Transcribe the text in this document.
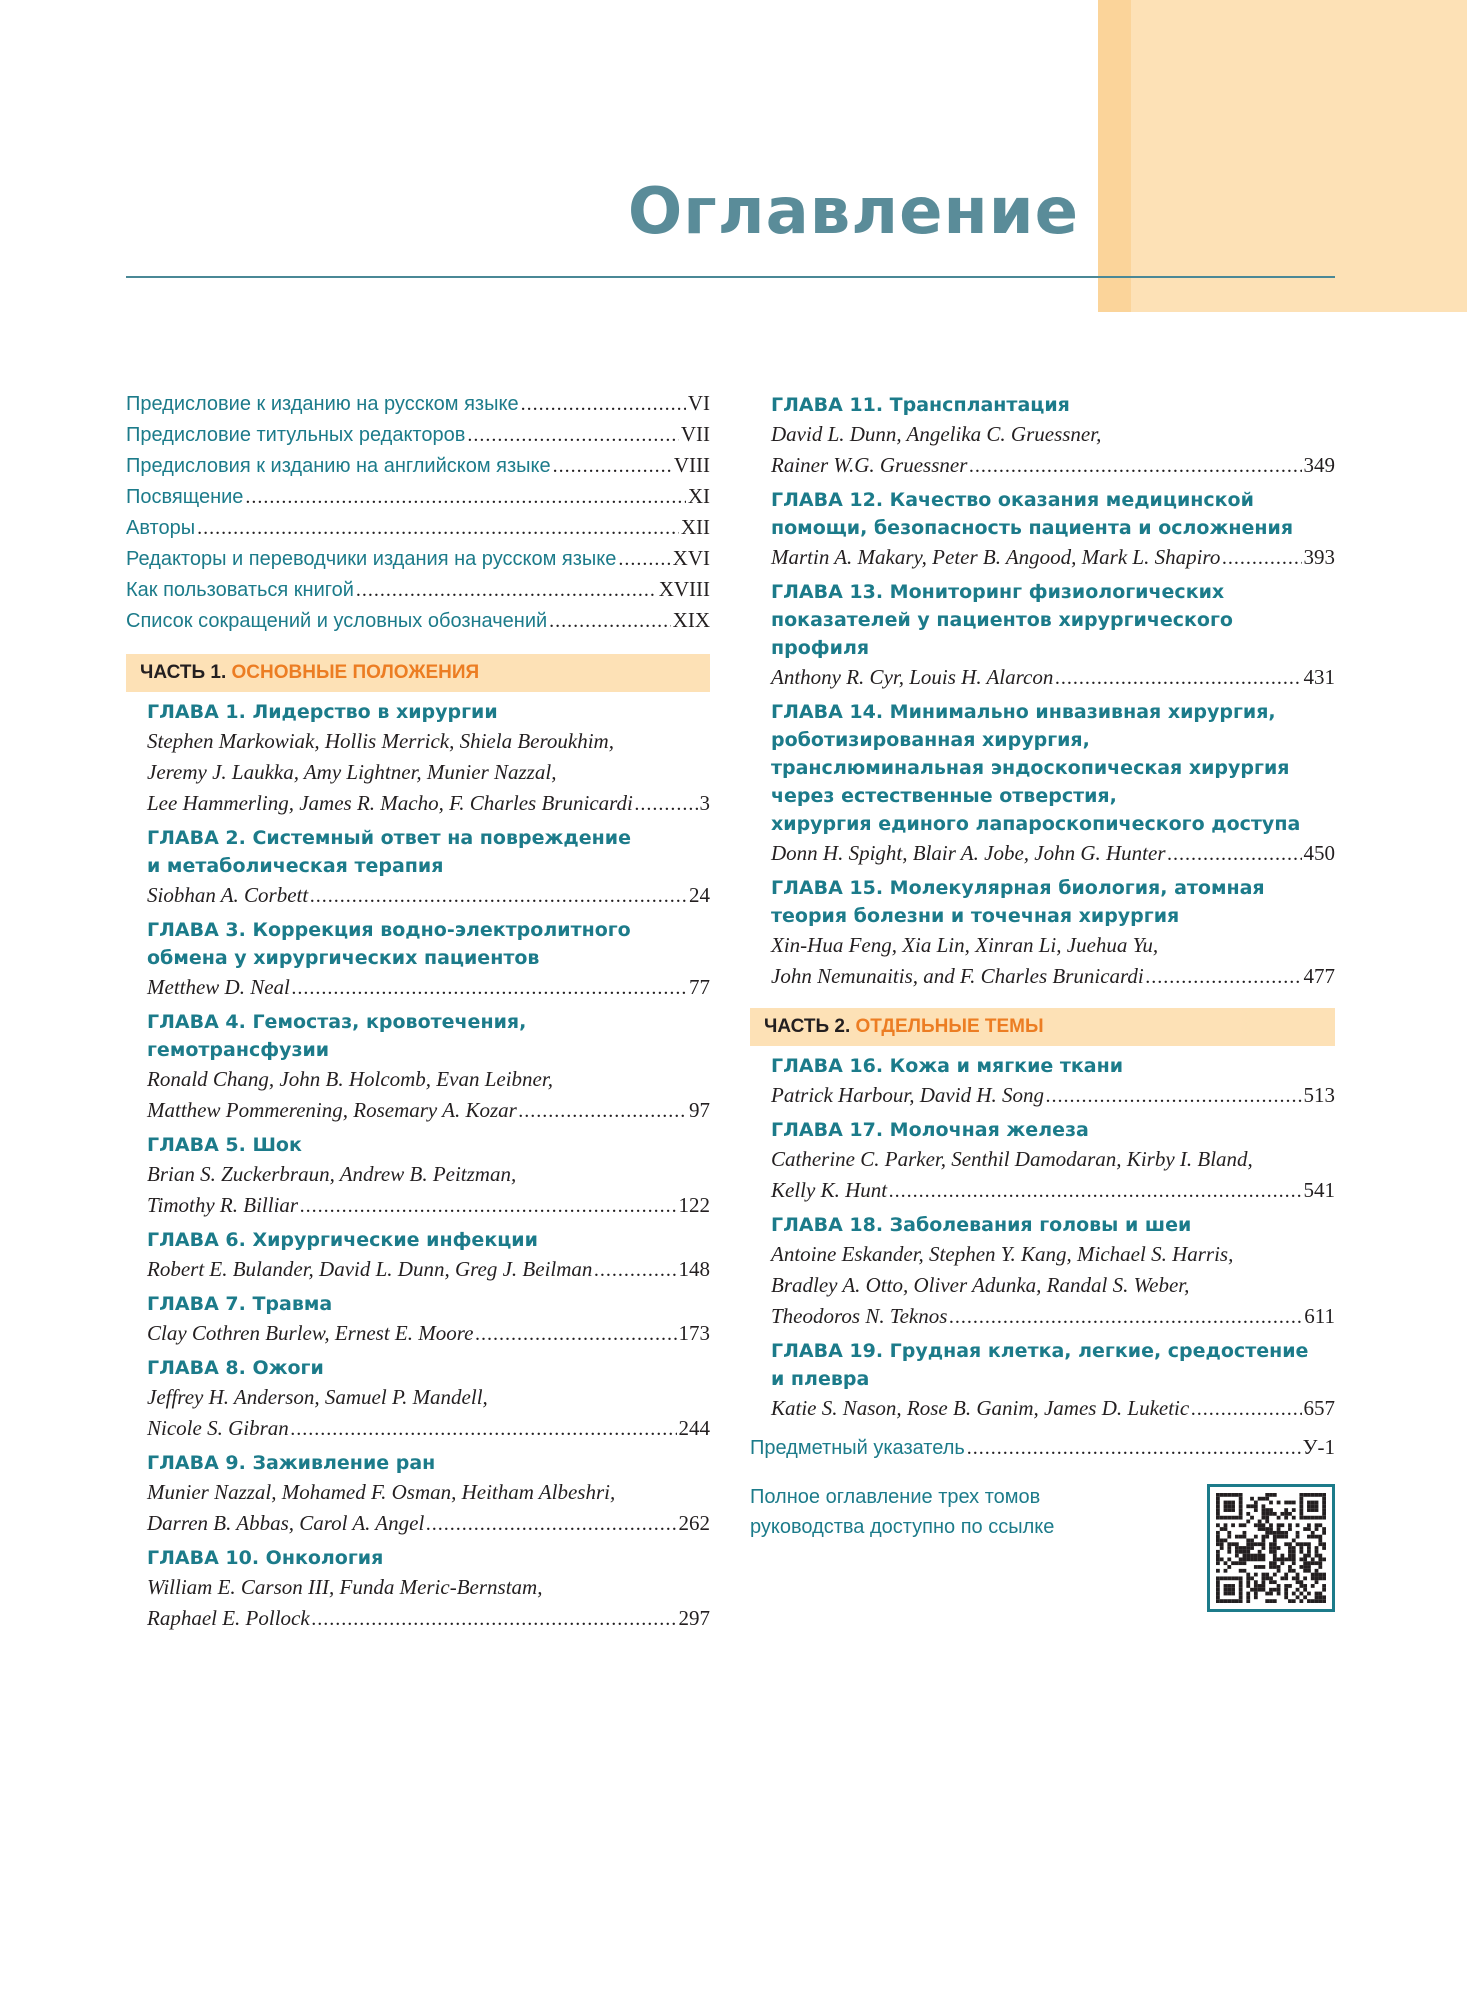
Оглавление
Предисловие к изданию на русском языке .....	VI
Предисловие титульных редакторов .....	VII
Предисловия к изданию на английском языке .....	VIII
Посвящение .....	XI
Авторы .....	XII
Редакторы и переводчики издания на русском языке .....	XVI
Как пользоваться книгой .....	XVIII
Список сокращений и условных обозначений .....	XIX
ЧАСТЬ 1. ОСНОВНЫЕ ПОЛОЖЕНИЯ
ГЛАВА 1. Лидерство в хирургии
Stephen Markowiak, Hollis Merrick, Shiela Beroukhim,
Jeremy J. Laukka, Amy Lightner, Munier Nazzal,
Lee Hammerling, James R. Macho, F. Charles Brunicardi .....	3
ГЛАВА 2. Системный ответ на повреждение
и метаболическая терапия
Siobhan A. Corbett .....	24
ГЛАВА 3. Коррекция водно-электролитного
обмена у хирургических пациентов
Metthew D. Neal .....	77
ГЛАВА 4. Гемостаз, кровотечения,
гемотрансфузии
Ronald Chang, John B. Holcomb, Evan Leibner,
Matthew Pommerening, Rosemary A. Kozar .....	97
ГЛАВА 5. Шок
Brian S. Zuckerbraun, Andrew B. Peitzman,
Timothy R. Billiar .....	122
ГЛАВА 6. Хирургические инфекции
Robert E. Bulander, David L. Dunn, Greg J. Beilman .....	148
ГЛАВА 7. Травма
Clay Cothren Burlew, Ernest E. Moore .....	173
ГЛАВА 8. Ожоги
Jeffrey H. Anderson, Samuel P. Mandell,
Nicole S. Gibran .....	244
ГЛАВА 9. Заживление ран
Munier Nazzal, Mohamed F. Osman, Heitham Albeshri,
Darren B. Abbas, Carol A. Angel .....	262
ГЛАВА 10. Онкология
William E. Carson III, Funda Meric-Bernstam,
Raphael E. Pollock .....	297
ГЛАВА 11. Трансплантация
David L. Dunn, Angelika C. Gruessner,
Rainer W.G. Gruessner .....	349
ГЛАВА 12. Качество оказания медицинской
помощи, безопасность пациента и осложнения
Martin A. Makary, Peter B. Angood, Mark L. Shapiro .....	393
ГЛАВА 13. Мониторинг физиологических
показателей у пациентов хирургического
профиля
Anthony R. Cyr, Louis H. Alarcon .....	431
ГЛАВА 14. Минимально инвазивная хирургия,
роботизированная хирургия,
транслюминальная эндоскопическая хирургия
через естественные отверстия,
хирургия единого лапароскопического доступа
Donn H. Spight, Blair A. Jobe, John G. Hunter .....	450
ГЛАВА 15. Молекулярная биология, атомная
теория болезни и точечная хирургия
Xin-Hua Feng, Xia Lin, Xinran Li, Juehua Yu,
John Nemunaitis, and F. Charles Brunicardi .....	477
ЧАСТЬ 2. ОТДЕЛЬНЫЕ ТЕМЫ
ГЛАВА 16. Кожа и мягкие ткани
Patrick Harbour, David H. Song .....	513
ГЛАВА 17. Молочная железа
Catherine C. Parker, Senthil Damodaran, Kirby I. Bland,
Kelly K. Hunt .....	541
ГЛАВА 18. Заболевания головы и шеи
Antoine Eskander, Stephen Y. Kang, Michael S. Harris,
Bradley A. Otto, Oliver Adunka, Randal S. Weber,
Theodoros N. Teknos .....	611
ГЛАВА 19. Грудная клетка, легкие, средостение
и плевра
Katie S. Nason, Rose B. Ganim, James D. Luketic .....	657
Предметный указатель .....	У-1
Полное оглавление трех томов
руководства доступно по ссылке
